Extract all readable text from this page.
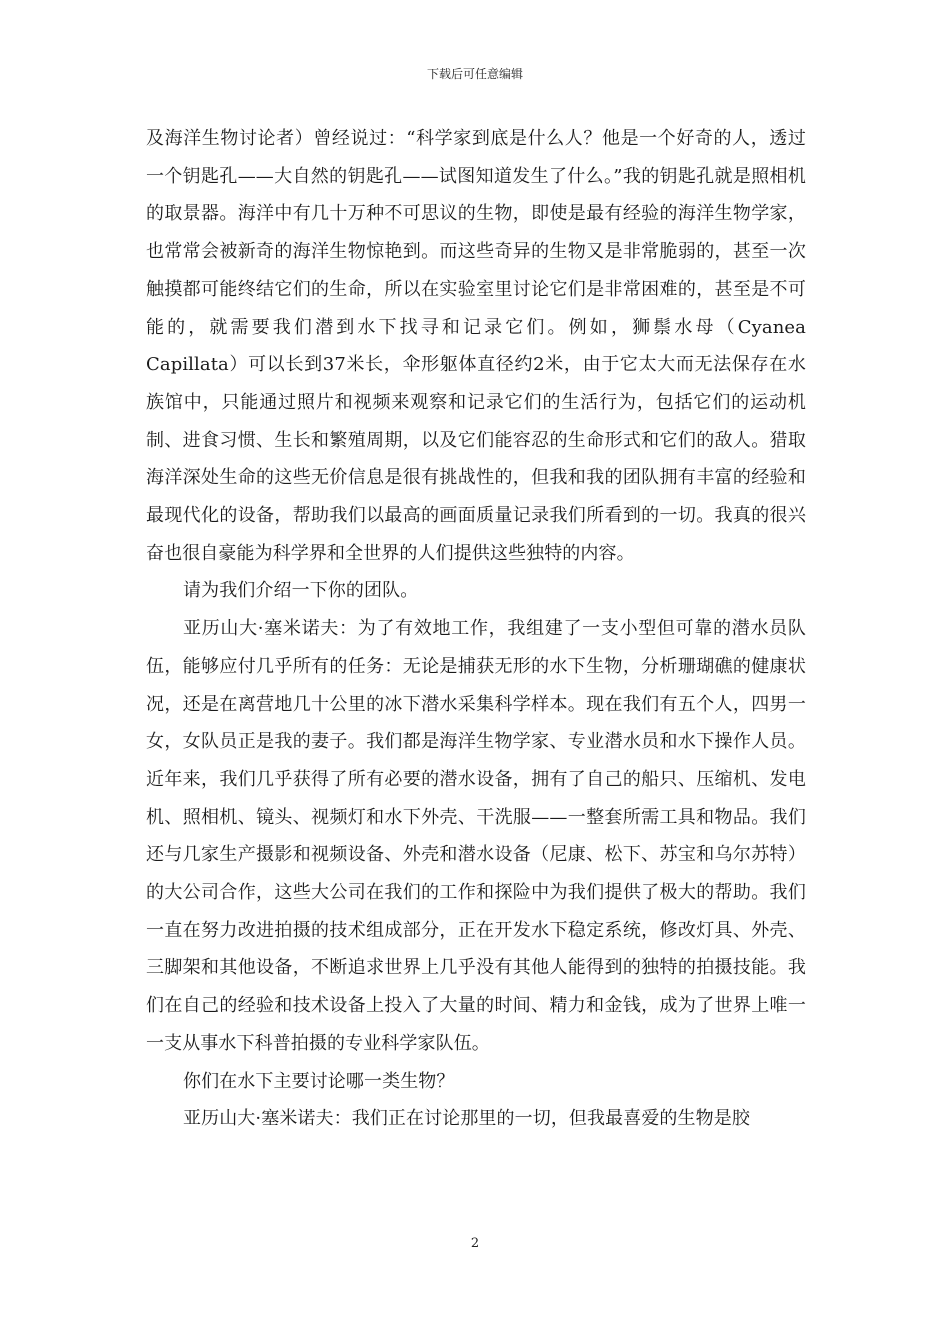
下载后可任意编辑

及海洋生物讨论者）曾经说过：“科学家到底是什么人？他是一个好奇的人，透过一个钥匙孔——大自然的钥匙孔——试图知道发生了什么。”我的钥匙孔就是照相机的取景器。海洋中有几十万种不可思议的生物，即使是最有经验的海洋生物学家，也常常会被新奇的海洋生物惊艳到。而这些奇异的生物又是非常脆弱的，甚至一次触摸都可能终结它们的生命，所以在实验室里讨论它们是非常困难的，甚至是不可能的，就需要我们潜到水下找寻和记录它们。例如，狮鬃水母（Cyanea Capillata）可以长到37米长，伞形躯体直径约2米，由于它太大而无法保存在水族馆中，只能通过照片和视频来观察和记录它们的生活行为，包括它们的运动机制、进食习惯、生长和繁殖周期，以及它们能容忍的生命形式和它们的敌人。猎取海洋深处生命的这些无价信息是很有挑战性的，但我和我的团队拥有丰富的经验和最现代化的设备，帮助我们以最高的画面质量记录我们所看到的一切。我真的很兴奋也很自豪能为科学界和全世界的人们提供这些独特的内容。

请为我们介绍一下你的团队。

亚历山大·塞米诺夫：为了有效地工作，我组建了一支小型但可靠的潜水员队伍，能够应付几乎所有的任务：无论是捕获无形的水下生物，分析珊瑚礁的健康状况，还是在离营地几十公里的冰下潜水采集科学样本。现在我们有五个人，四男一女，女队员正是我的妻子。我们都是海洋生物学家、专业潜水员和水下操作人员。近年来，我们几乎获得了所有必要的潜水设备，拥有了自己的船只、压缩机、发电机、照相机、镜头、视频灯和水下外壳、干洗服——一整套所需工具和物品。我们还与几家生产摄影和视频设备、外壳和潜水设备（尼康、松下、苏宝和乌尔苏特）的大公司合作，这些大公司在我们的工作和探险中为我们提供了极大的帮助。我们一直在努力改进拍摄的技术组成部分，正在开发水下稳定系统，修改灯具、外壳、三脚架和其他设备，不断追求世界上几乎没有其他人能得到的独特的拍摄技能。我们在自己的经验和技术设备上投入了大量的时间、精力和金钱，成为了世界上唯一一支从事水下科普拍摄的专业科学家队伍。

你们在水下主要讨论哪一类生物？

亚历山大·塞米诺夫：我们正在讨论那里的一切，但我最喜爱的生物是胶

2
